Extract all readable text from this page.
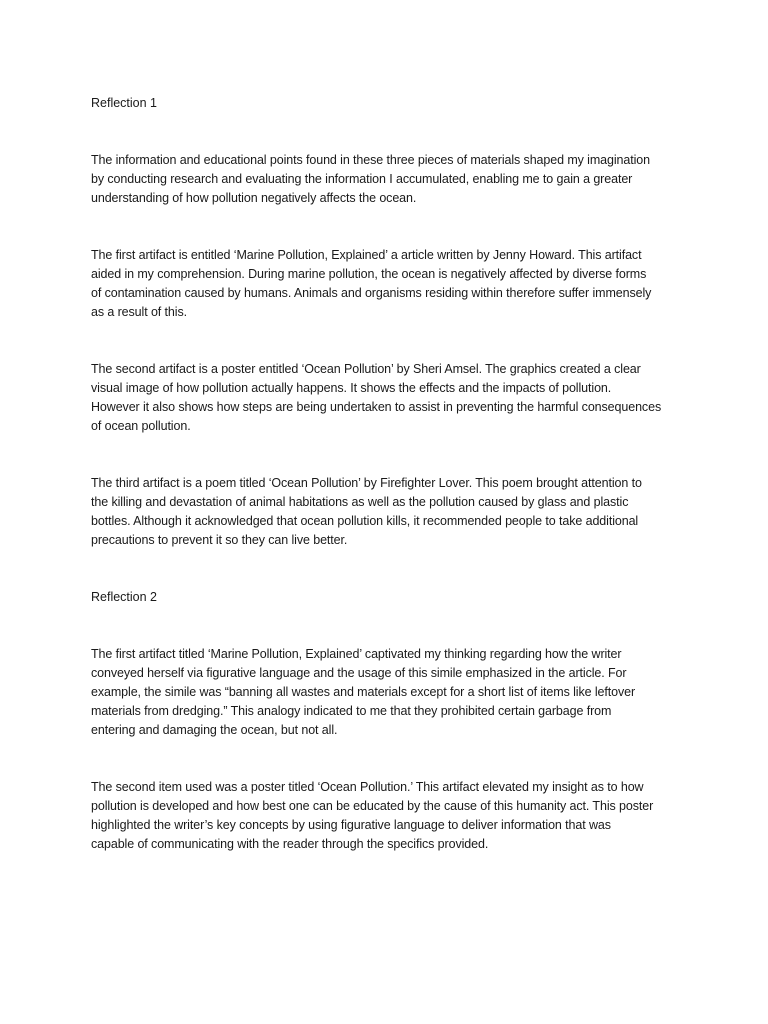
Reflection 1
The information and educational points found in these three pieces of materials shaped my imagination
by conducting research and evaluating the information I accumulated, enabling me to gain a greater
understanding of how pollution negatively affects the ocean.
The first artifact is entitled ‘Marine Pollution, Explained’ a article written by Jenny Howard. This artifact
aided in my comprehension. During marine pollution, the ocean is negatively affected by diverse forms
of contamination caused by humans. Animals and organisms residing within therefore suffer immensely
as a result of this.
The second artifact is a poster entitled ‘Ocean Pollution’ by Sheri Amsel. The graphics created a clear
visual image of how pollution actually happens. It shows the effects and the impacts of pollution.
However it also shows how steps are being undertaken to assist in preventing the harmful consequences
of ocean pollution.
The third artifact is a poem titled ‘Ocean Pollution’ by Firefighter Lover. This poem brought attention to
the killing and devastation of animal habitations as well as the pollution caused by glass and plastic
bottles. Although it acknowledged that ocean pollution kills, it recommended people to take additional
precautions to prevent it so they can live better.
Reflection 2
The first artifact titled ‘Marine Pollution, Explained’ captivated my thinking regarding how the writer
conveyed herself via figurative language and the usage of this simile emphasized in the article. For
example, the simile was “banning all wastes and materials except for a short list of items like leftover
materials from dredging.” This analogy indicated to me that they prohibited certain garbage from
entering and damaging the ocean, but not all.
The second item used was a poster titled ‘Ocean Pollution.’ This artifact elevated my insight as to how
pollution is developed and how best one can be educated by the cause of this humanity act. This poster
highlighted the writer’s key concepts by using figurative language to deliver information that was
capable of communicating with the reader through the specifics provided.
